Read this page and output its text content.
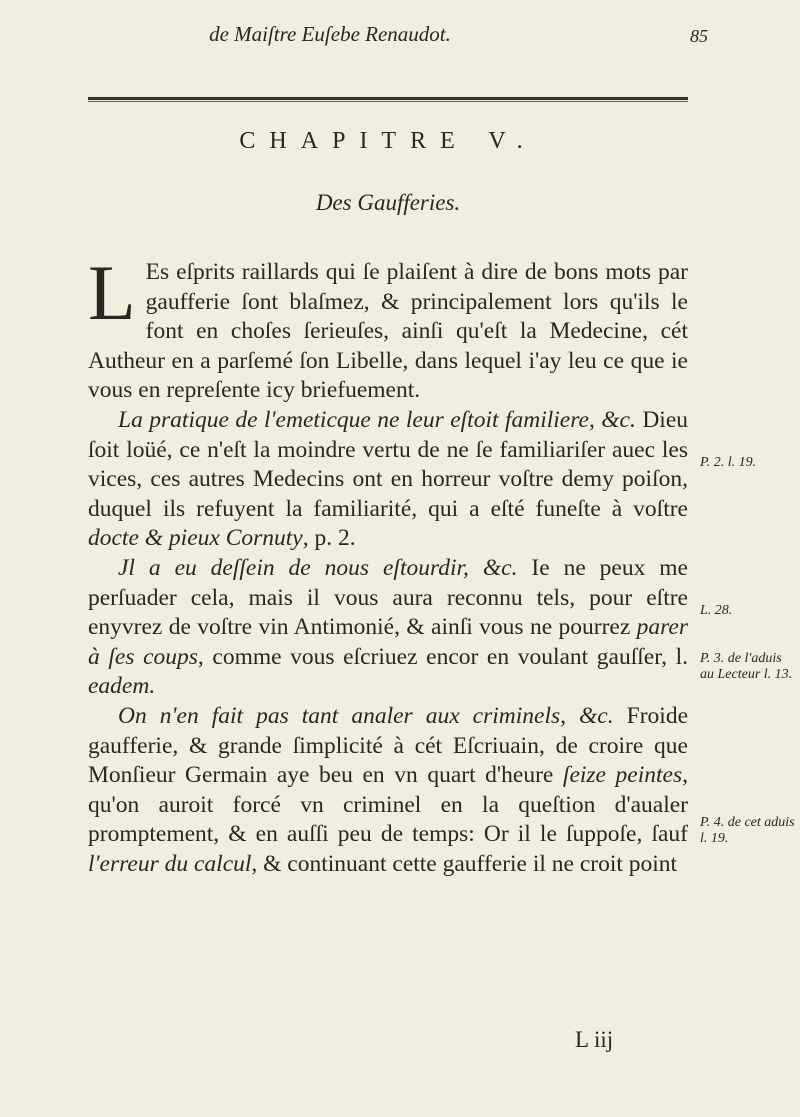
de Maiſtre Euſebe Renaudot.	85
CHAPITRE V.
Des Gaufferies.

L Es eſprits raillards qui ſe plaiſent à dire de bons mots par gaufferie ſont blaſmez, & principalement lors qu'ils le font en choſes ſerieuſes, ainſi qu'eſt la Medecine, cét Autheur en a parſemé ſon Libelle, dans lequel i'ay leu ce que ie vous en repreſente icy briefuement.

La pratique de l'emeticque ne leur eſtoit familiere, &c. Dieu ſoit loüé, ce n'eſt la moindre vertu de ne ſe familiariſer auec les vices, ces autres Medecins ont en horreur voſtre demy poiſon, duquel ils refuyent la familiarité, qui a eſté funeſte à voſtre docte & pieux Cornuty, p. 2.

Jl a eu deſſein de nous eſtourdir, &c. Ie ne peux me perſuader cela, mais il vous aura reconnu tels, pour eſtre enyvrez de voſtre vin Antimonié, & ainſi vous ne pourrez parer à ſes coups, comme vous eſcriuez encor en voulant gauſſer, l. eadem.

On n'en fait pas tant analer aux criminels, &c. Froide gaufferie, & grande ſimplicité à cét Eſcriuain, de croire que Monſieur Germain aye beu en vn quart d'heure ſeize peintes, qu'on auroit forcé vn criminel en la queſtion d'aualer promptement, & en auſſi peu de temps: Or il le ſuppoſe, ſauf l'erreur du calcul, & continuant cette gaufferie il ne croit point

P. 2. l. 19.
L. 28.
P. 3. de l'aduis au Lecteur l. 13.
P. 4. de cet aduis l. 19.
L iij
